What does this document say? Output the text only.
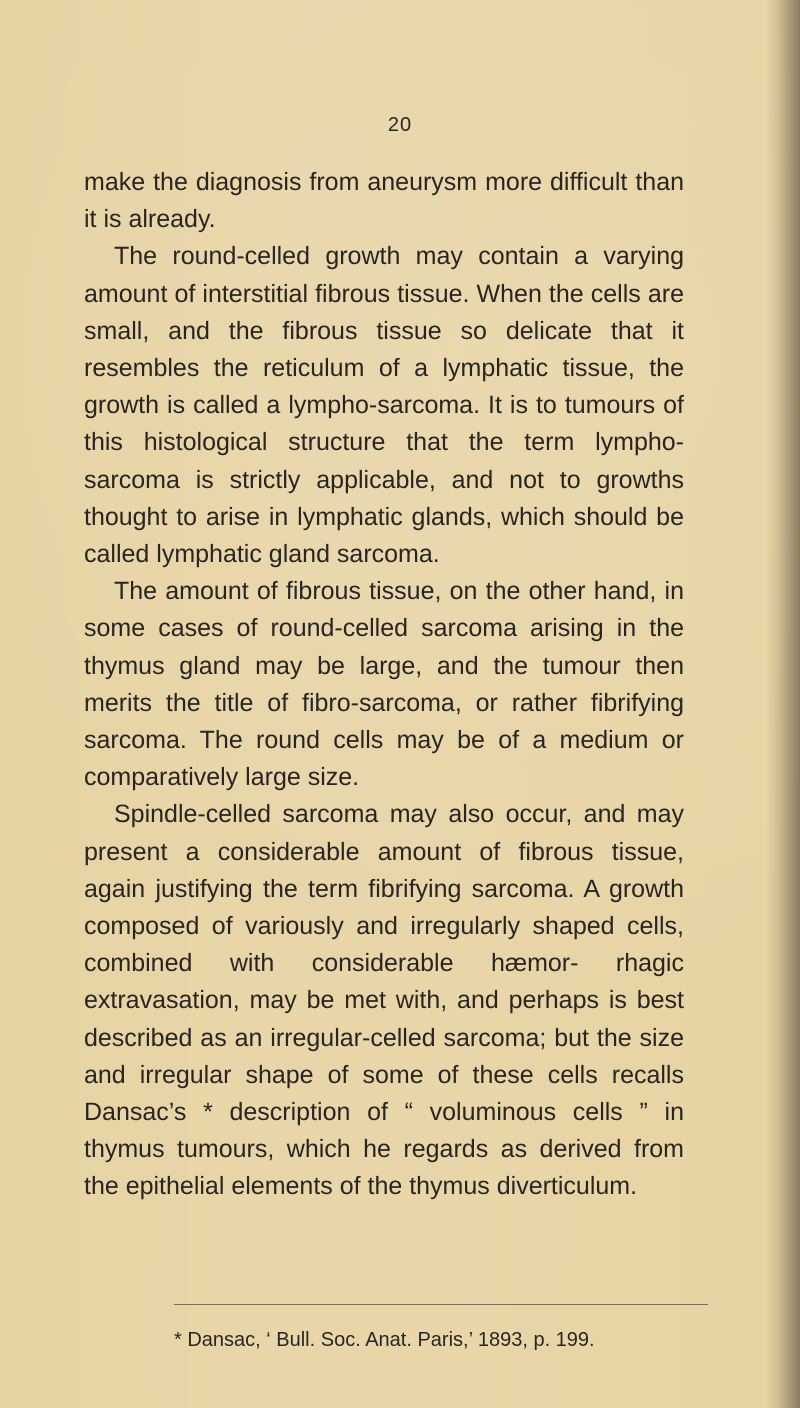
20

make the diagnosis from aneurysm more difficult than it is already.

The round-celled growth may contain a varying amount of interstitial fibrous tissue. When the cells are small, and the fibrous tissue so delicate that it resembles the reticulum of a lymphatic tissue, the growth is called a lympho-sarcoma. It is to tumours of this histological structure that the term lympho-sarcoma is strictly applicable, and not to growths thought to arise in lymphatic glands, which should be called lymphatic gland sarcoma.

The amount of fibrous tissue, on the other hand, in some cases of round-celled sarcoma arising in the thymus gland may be large, and the tumour then merits the title of fibro-sarcoma, or rather fibrifying sarcoma. The round cells may be of a medium or comparatively large size.

Spindle-celled sarcoma may also occur, and may present a considerable amount of fibrous tissue, again justifying the term fibrifying sarcoma. A growth composed of variously and irregularly shaped cells, combined with considerable hæmor- rhagic extravasation, may be met with, and perhaps is best described as an irregular-celled sarcoma; but the size and irregular shape of some of these cells recalls Dansac’s * description of “ voluminous cells ” in thymus tumours, which he regards as derived from the epithelial elements of the thymus diverticulum.

* Dansac, ‘ Bull. Soc. Anat. Paris,’ 1893, p. 199.
